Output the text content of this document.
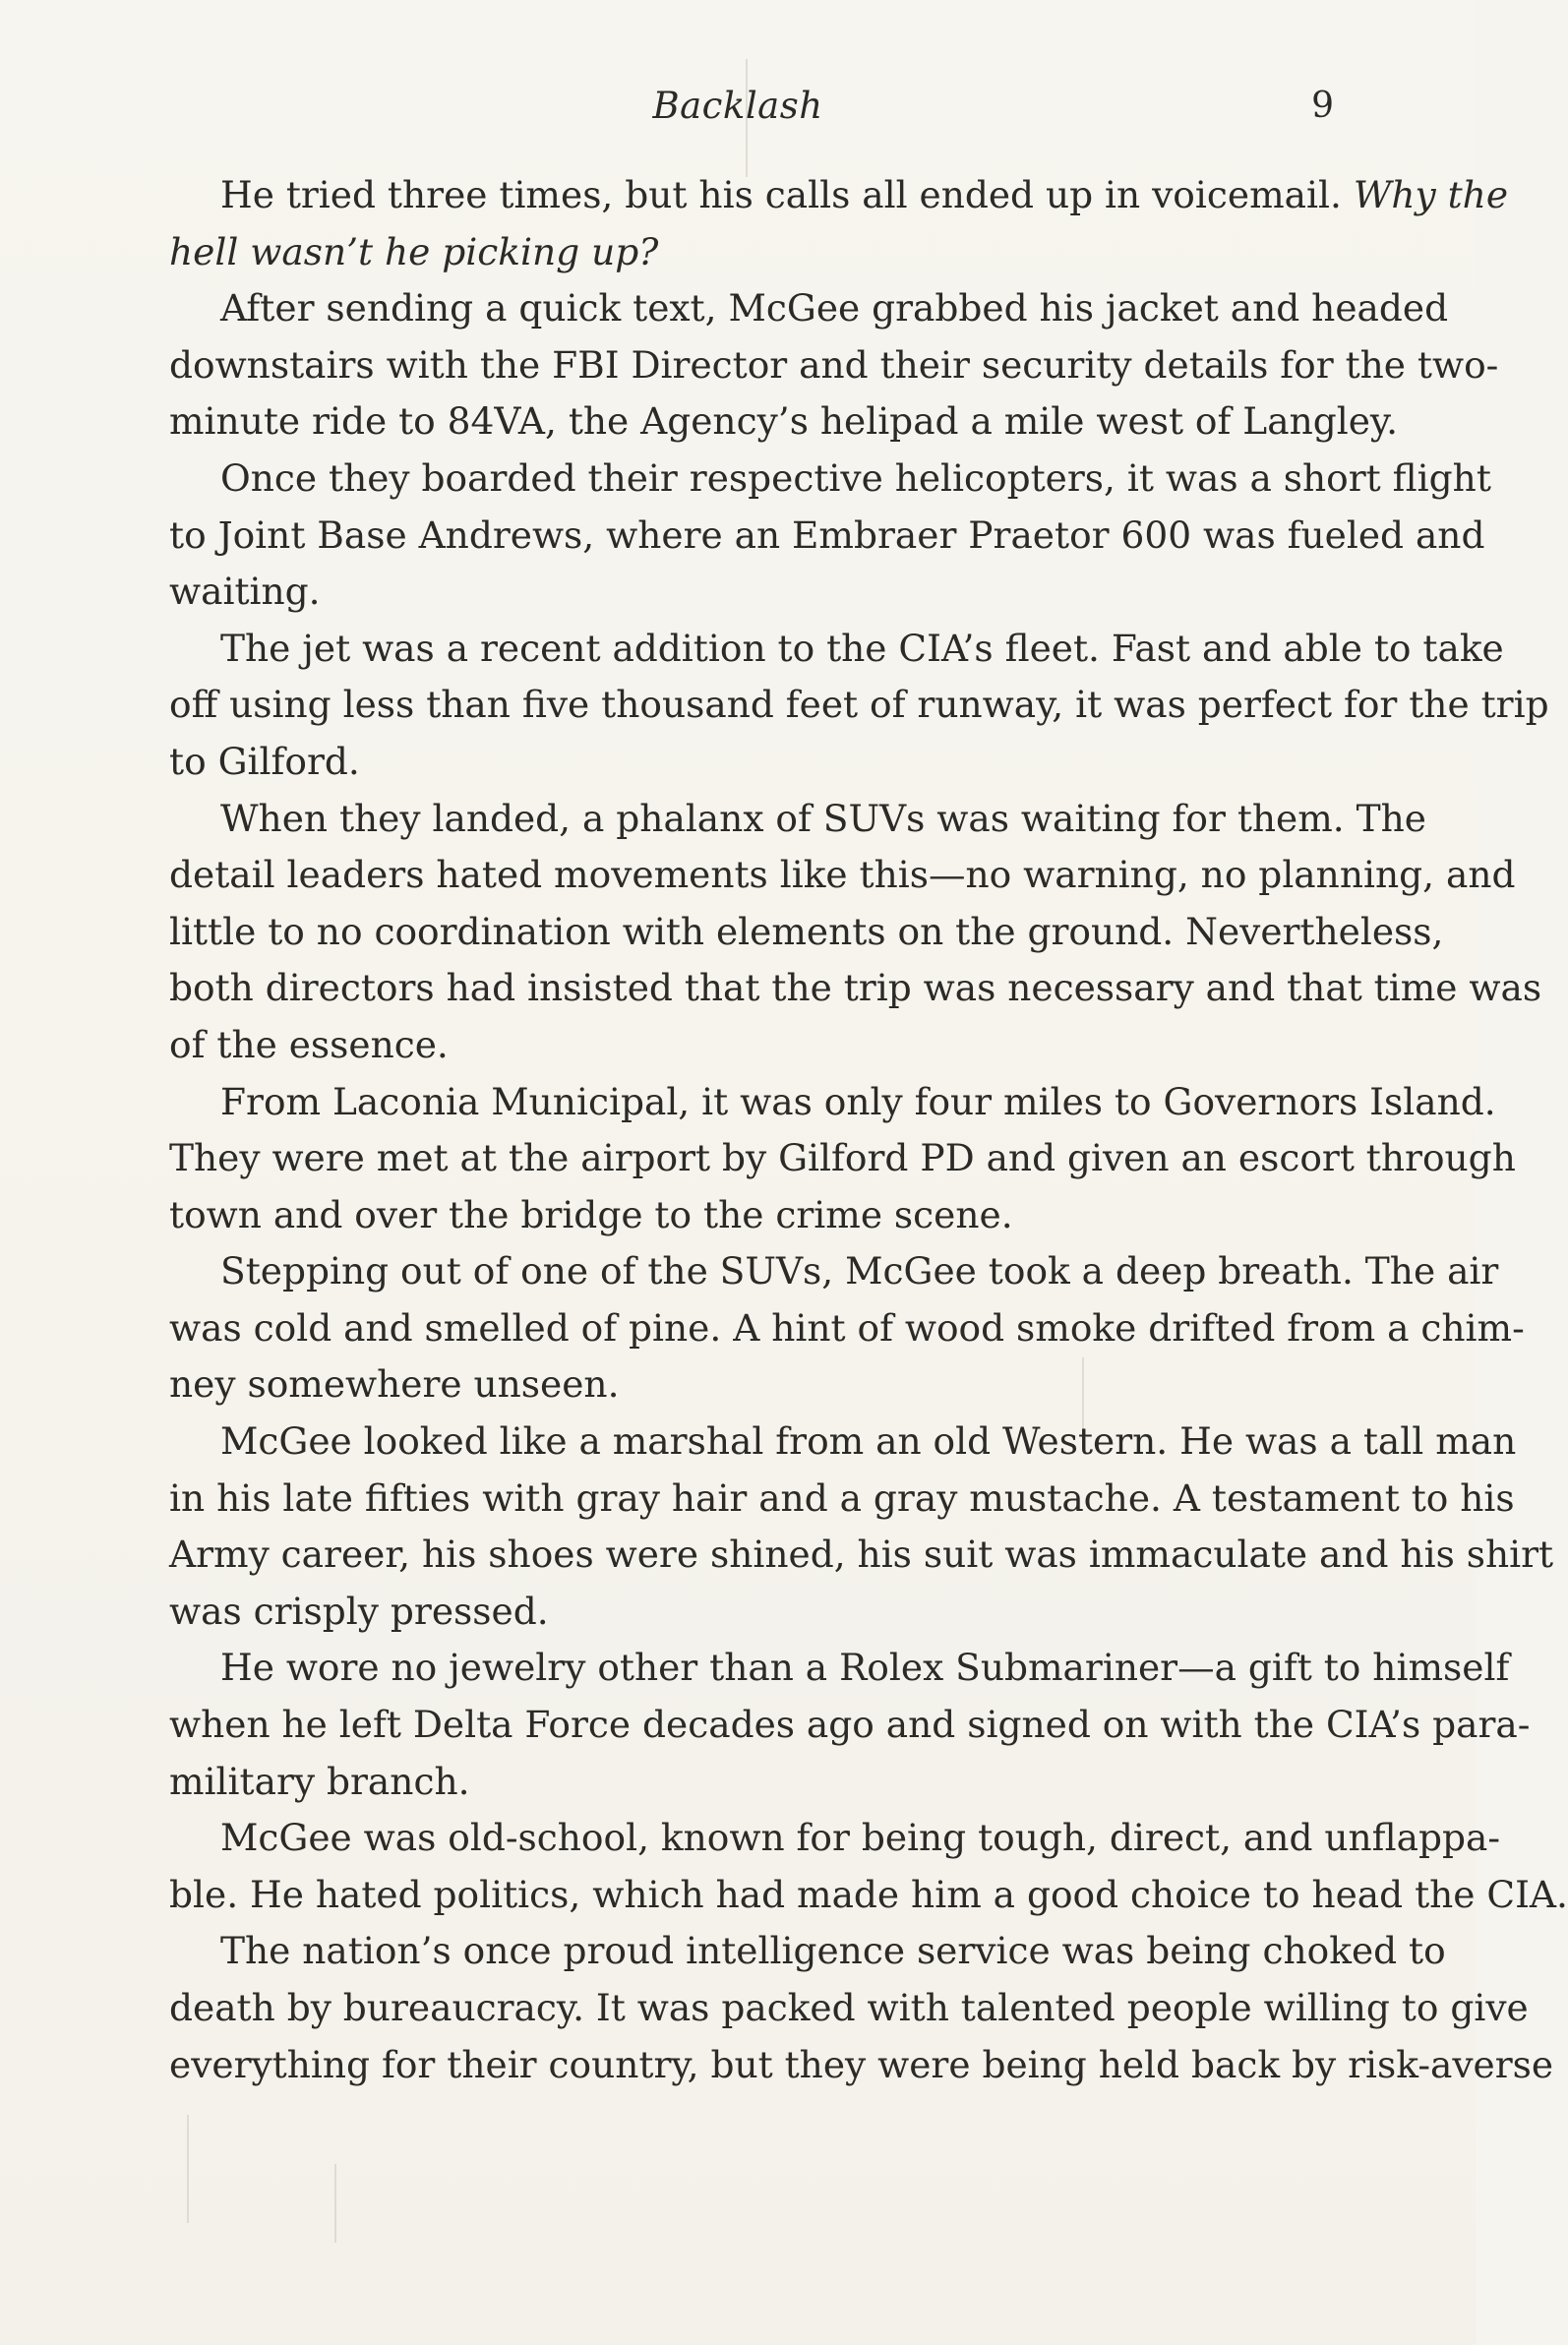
Backlash	9
He tried three times, but his calls all ended up in voicemail. Why the
hell wasn’t he picking up?
After sending a quick text, McGee grabbed his jacket and headed
downstairs with the FBI Director and their security details for the two-
minute ride to 84VA, the Agency’s helipad a mile west of Langley.
Once they boarded their respective helicopters, it was a short flight
to Joint Base Andrews, where an Embraer Praetor 600 was fueled and
waiting.
The jet was a recent addition to the CIA’s fleet. Fast and able to take
off using less than five thousand feet of runway, it was perfect for the trip
to Gilford.
When they landed, a phalanx of SUVs was waiting for them. The
detail leaders hated movements like this—no warning, no planning, and
little to no coordination with elements on the ground. Nevertheless,
both directors had insisted that the trip was necessary and that time was
of the essence.
From Laconia Municipal, it was only four miles to Governors Island.
They were met at the airport by Gilford PD and given an escort through
town and over the bridge to the crime scene.
Stepping out of one of the SUVs, McGee took a deep breath. The air
was cold and smelled of pine. A hint of wood smoke drifted from a chim-
ney somewhere unseen.
McGee looked like a marshal from an old Western. He was a tall man
in his late fifties with gray hair and a gray mustache. A testament to his
Army career, his shoes were shined, his suit was immaculate and his shirt
was crisply pressed.
He wore no jewelry other than a Rolex Submariner—a gift to himself
when he left Delta Force decades ago and signed on with the CIA’s para-
military branch.
McGee was old-school, known for being tough, direct, and unflappa-
ble. He hated politics, which had made him a good choice to head the CIA.
The nation’s once proud intelligence service was being choked to
death by bureaucracy. It was packed with talented people willing to give
everything for their country, but they were being held back by risk-averse
